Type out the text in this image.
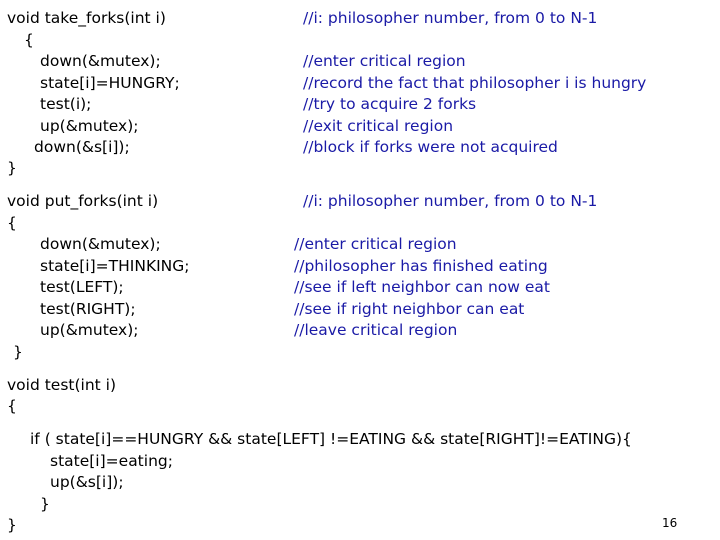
void take_forks(int i)	//i: philosopher number, from 0 to N-1
{
down(&mutex);	//enter critical region
state[i]=HUNGRY;	//record the fact that philosopher i is hungry
test(i);	//try to acquire 2 forks
up(&mutex);	//exit critical region
down(&s[i]);	//block if forks were not acquired
}
void put_forks(int i)	//i: philosopher number, from 0 to N-1
{
down(&mutex);	//enter critical region
state[i]=THINKING;	//philosopher has finished eating
test(LEFT);	//see if left neighbor can now eat
test(RIGHT);	//see if right neighbor can eat
up(&mutex);	//leave critical region
}
void test(int i)
{
if ( state[i]==HUNGRY && state[LEFT] !=EATING && state[RIGHT]!=EATING){
state[i]=eating;
up(&s[i]);
}
}	16
